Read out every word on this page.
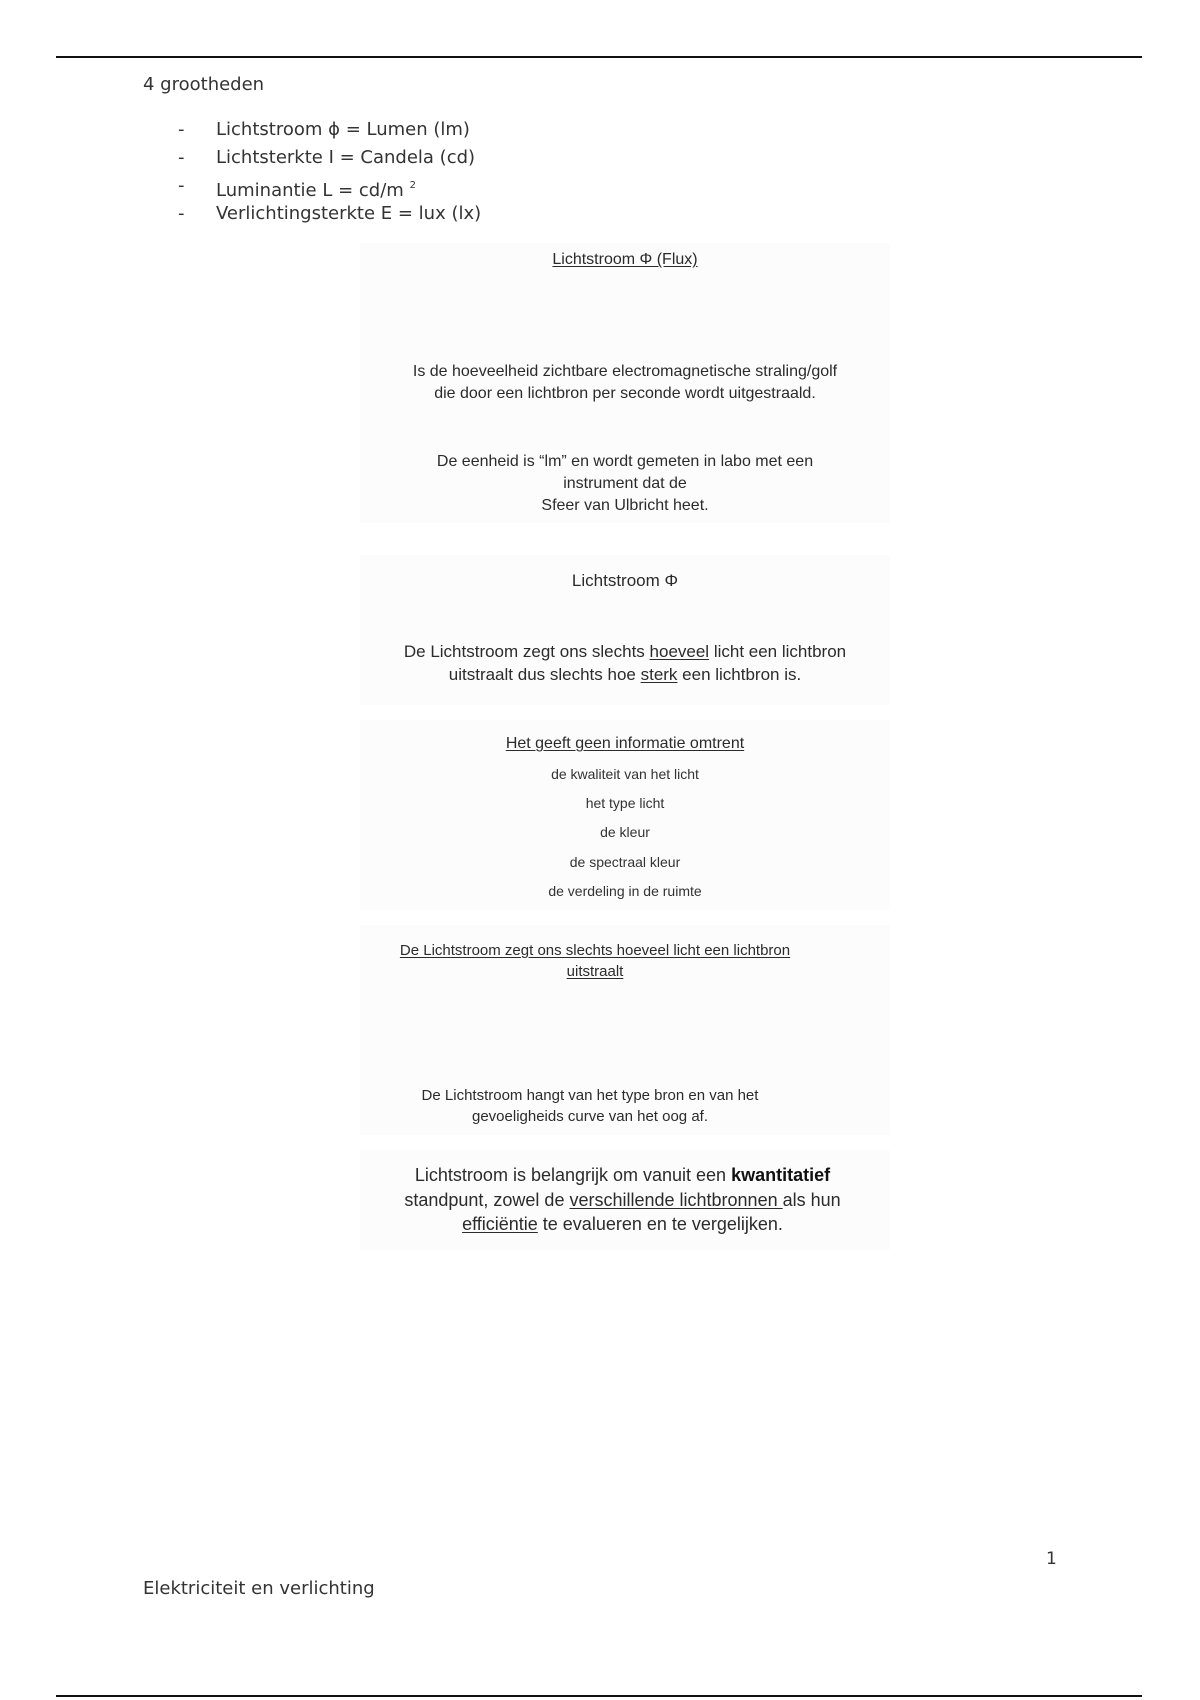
4 grootheden
- Lichtstroom ϕ = Lumen (lm)
- Lichtsterkte I = Candela (cd)
- Luminantie L = cd/m $^2$
- Verlichtingsterkte E = lux (lx)
Lichtstroom Φ (Flux)
Is de hoeveelheid zichtbare electromagnetische straling/golf
die door een lichtbron per seconde wordt uitgestraald.
De eenheid is “lm” en wordt gemeten in labo met een
instrument dat de
Sfeer van Ulbricht heet.
Lichtstroom Φ
De Lichtstroom zegt ons slechts hoeveel licht een lichtbron
uitstraalt dus slechts hoe sterk een lichtbron is.
Het geeft geen informatie omtrent
de kwaliteit van het licht
het type licht
de kleur
de spectraal kleur
de verdeling in de ruimte
De Lichtstroom zegt ons slechts hoeveel licht een lichtbron
uitstraalt
De Lichtstroom hangt van het type bron en van het
gevoeligheids curve van het oog af.
Lichtstroom is belangrijk om vanuit een kwantitatief
standpunt, zowel de verschillende lichtbronnen als hun
efficiëntie te evalueren en te vergelijken.
1
Elektriciteit en verlichting
